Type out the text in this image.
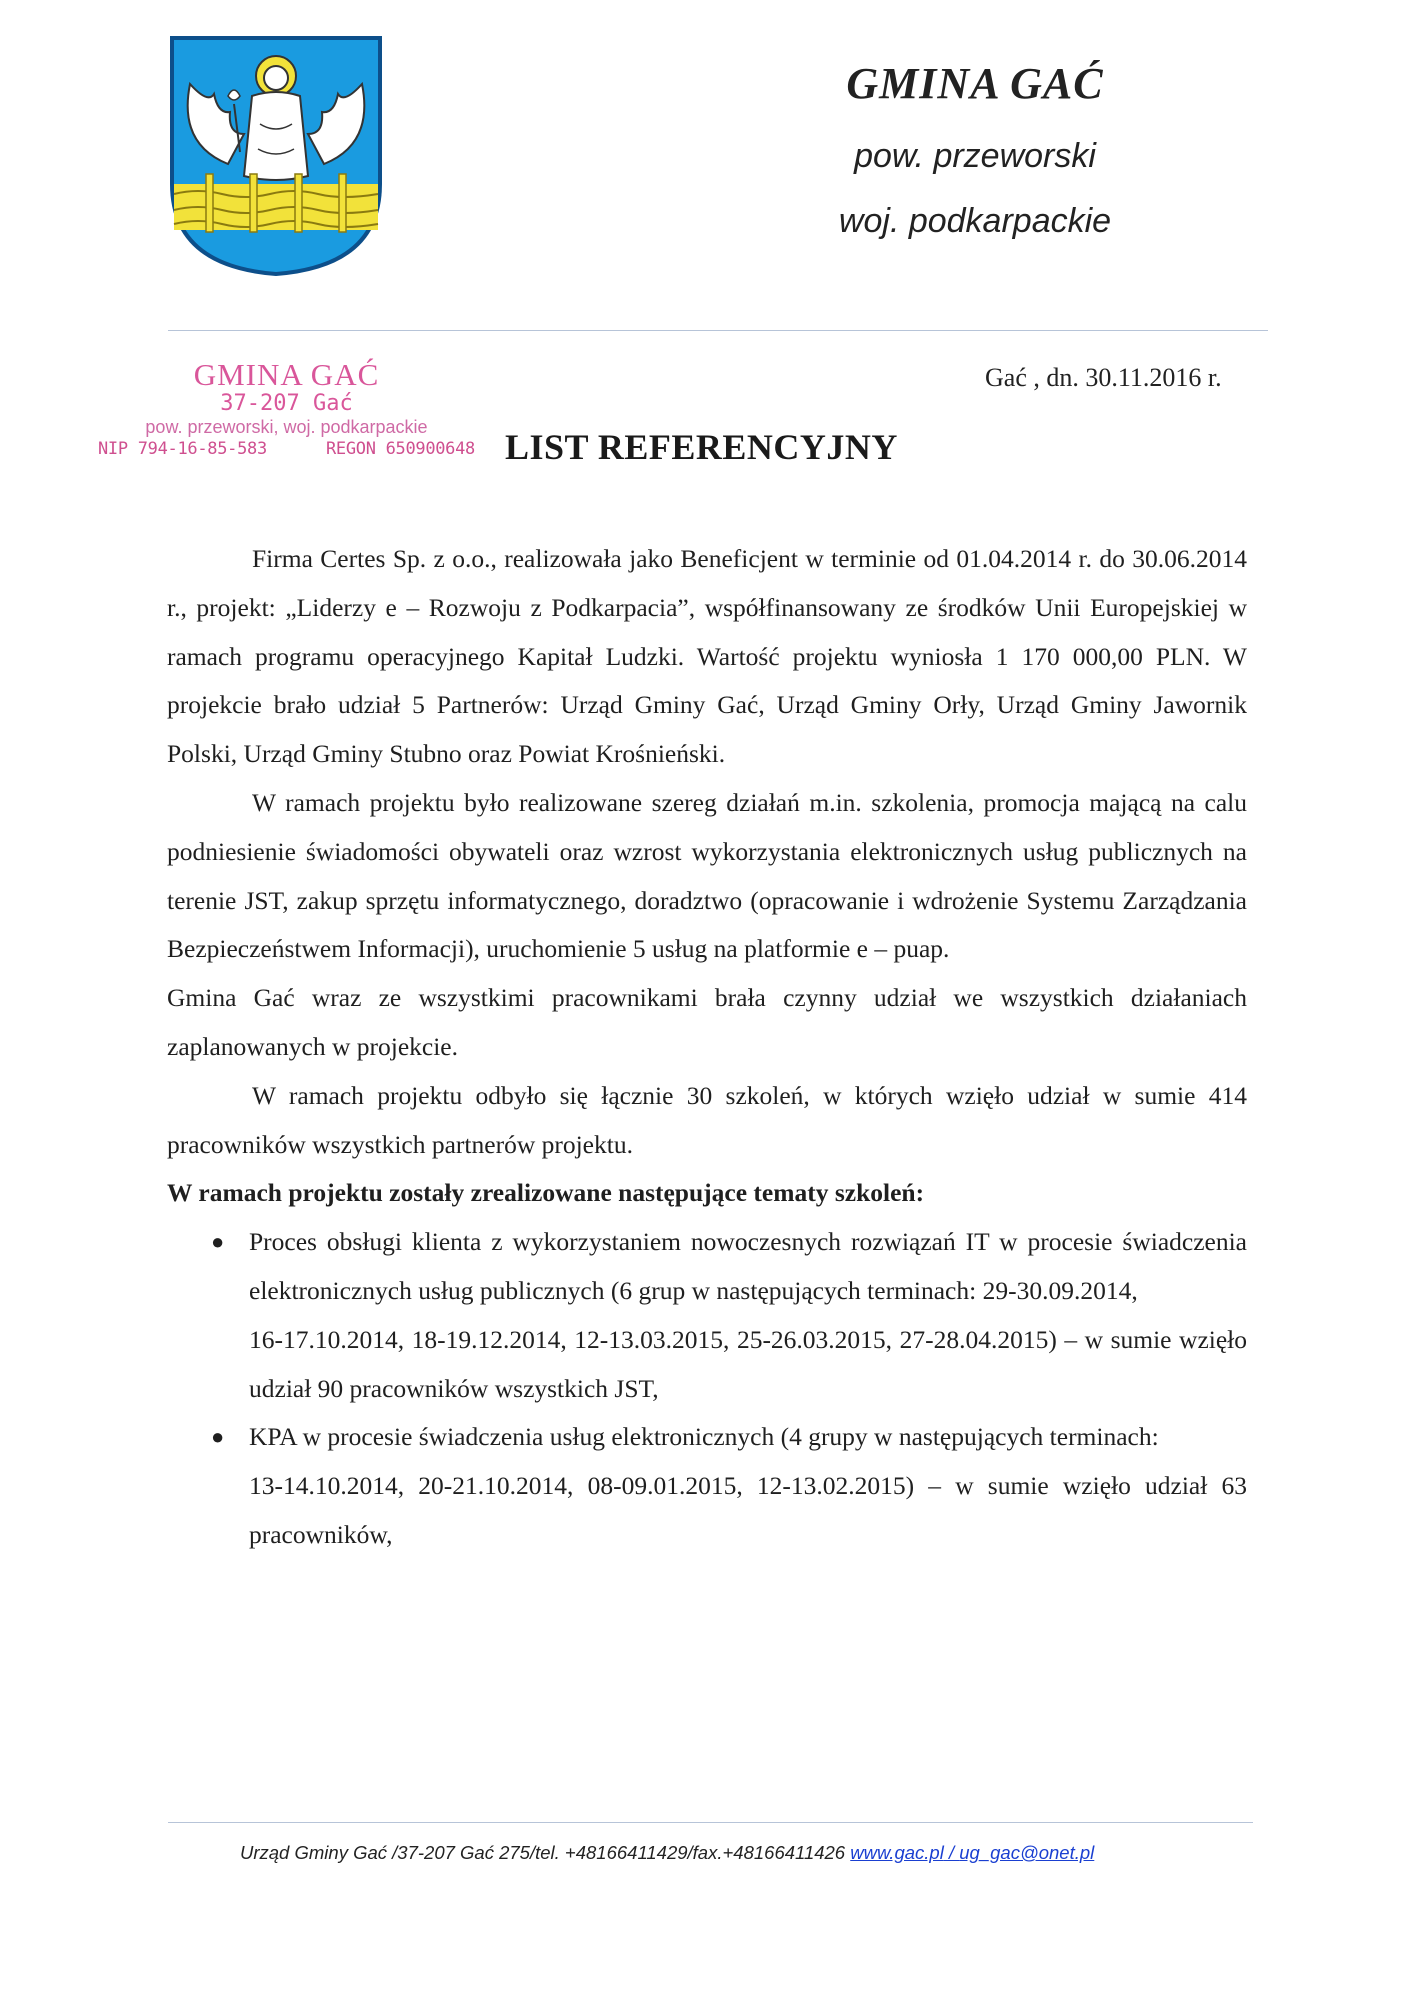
GMINA GAĆ
pow. przeworski
woj. podkarpackie
GMINA GAĆ
37-207 Gać
pow. przeworski, woj. podkarpackie
NIP 794-16-85-583	REGON 650900648
Gać , dn. 30.11.2016 r.
LIST REFERENCYJNY

Firma Certes Sp. z o.o., realizowała jako Beneficjent w terminie od 01.04.2014 r. do 30.06.2014 r., projekt: „Liderzy e – Rozwoju z Podkarpacia”, współfinansowany ze środków Unii Europejskiej w ramach programu operacyjnego Kapitał Ludzki. Wartość projektu wyniosła 1 170 000,00 PLN. W projekcie brało udział 5 Partnerów: Urząd Gminy Gać, Urząd Gminy Orły, Urząd Gminy Jawornik Polski, Urząd Gminy Stubno oraz Powiat Krośnieński.

W ramach projektu było realizowane szereg działań m.in. szkolenia, promocja mającą na calu podniesienie świadomości obywateli oraz wzrost wykorzystania elektronicznych usług publicznych na terenie JST, zakup sprzętu informatycznego, doradztwo (opracowanie i wdrożenie Systemu Zarządzania Bezpieczeństwem Informacji), uruchomienie 5 usług na platformie e – puap.

Gmina Gać wraz ze wszystkimi pracownikami brała czynny udział we wszystkich działaniach zaplanowanych w projekcie.

W ramach projektu odbyło się łącznie 30 szkoleń, w których wzięło udział w sumie 414 pracowników wszystkich partnerów projektu.

W ramach projektu zostały zrealizowane następujące tematy szkoleń:

● Proces obsługi klienta z wykorzystaniem nowoczesnych rozwiązań IT w procesie świadczenia elektronicznych usług publicznych (6 grup w następujących terminach: 29-30.09.2014,
16-17.10.2014, 18-19.12.2014, 12-13.03.2015, 25-26.03.2015, 27-28.04.2015) – w sumie wzięło udział 90 pracowników wszystkich JST,
● KPA w procesie świadczenia usług elektronicznych (4 grupy w następujących terminach:
13-14.10.2014, 20-21.10.2014, 08-09.01.2015, 12-13.02.2015) – w sumie wzięło udział 63 pracowników,
Urząd Gminy Gać /37-207 Gać 275/tel. +48166411429/fax.+48166411426 www.gac.pl / ug_gac@onet.pl
